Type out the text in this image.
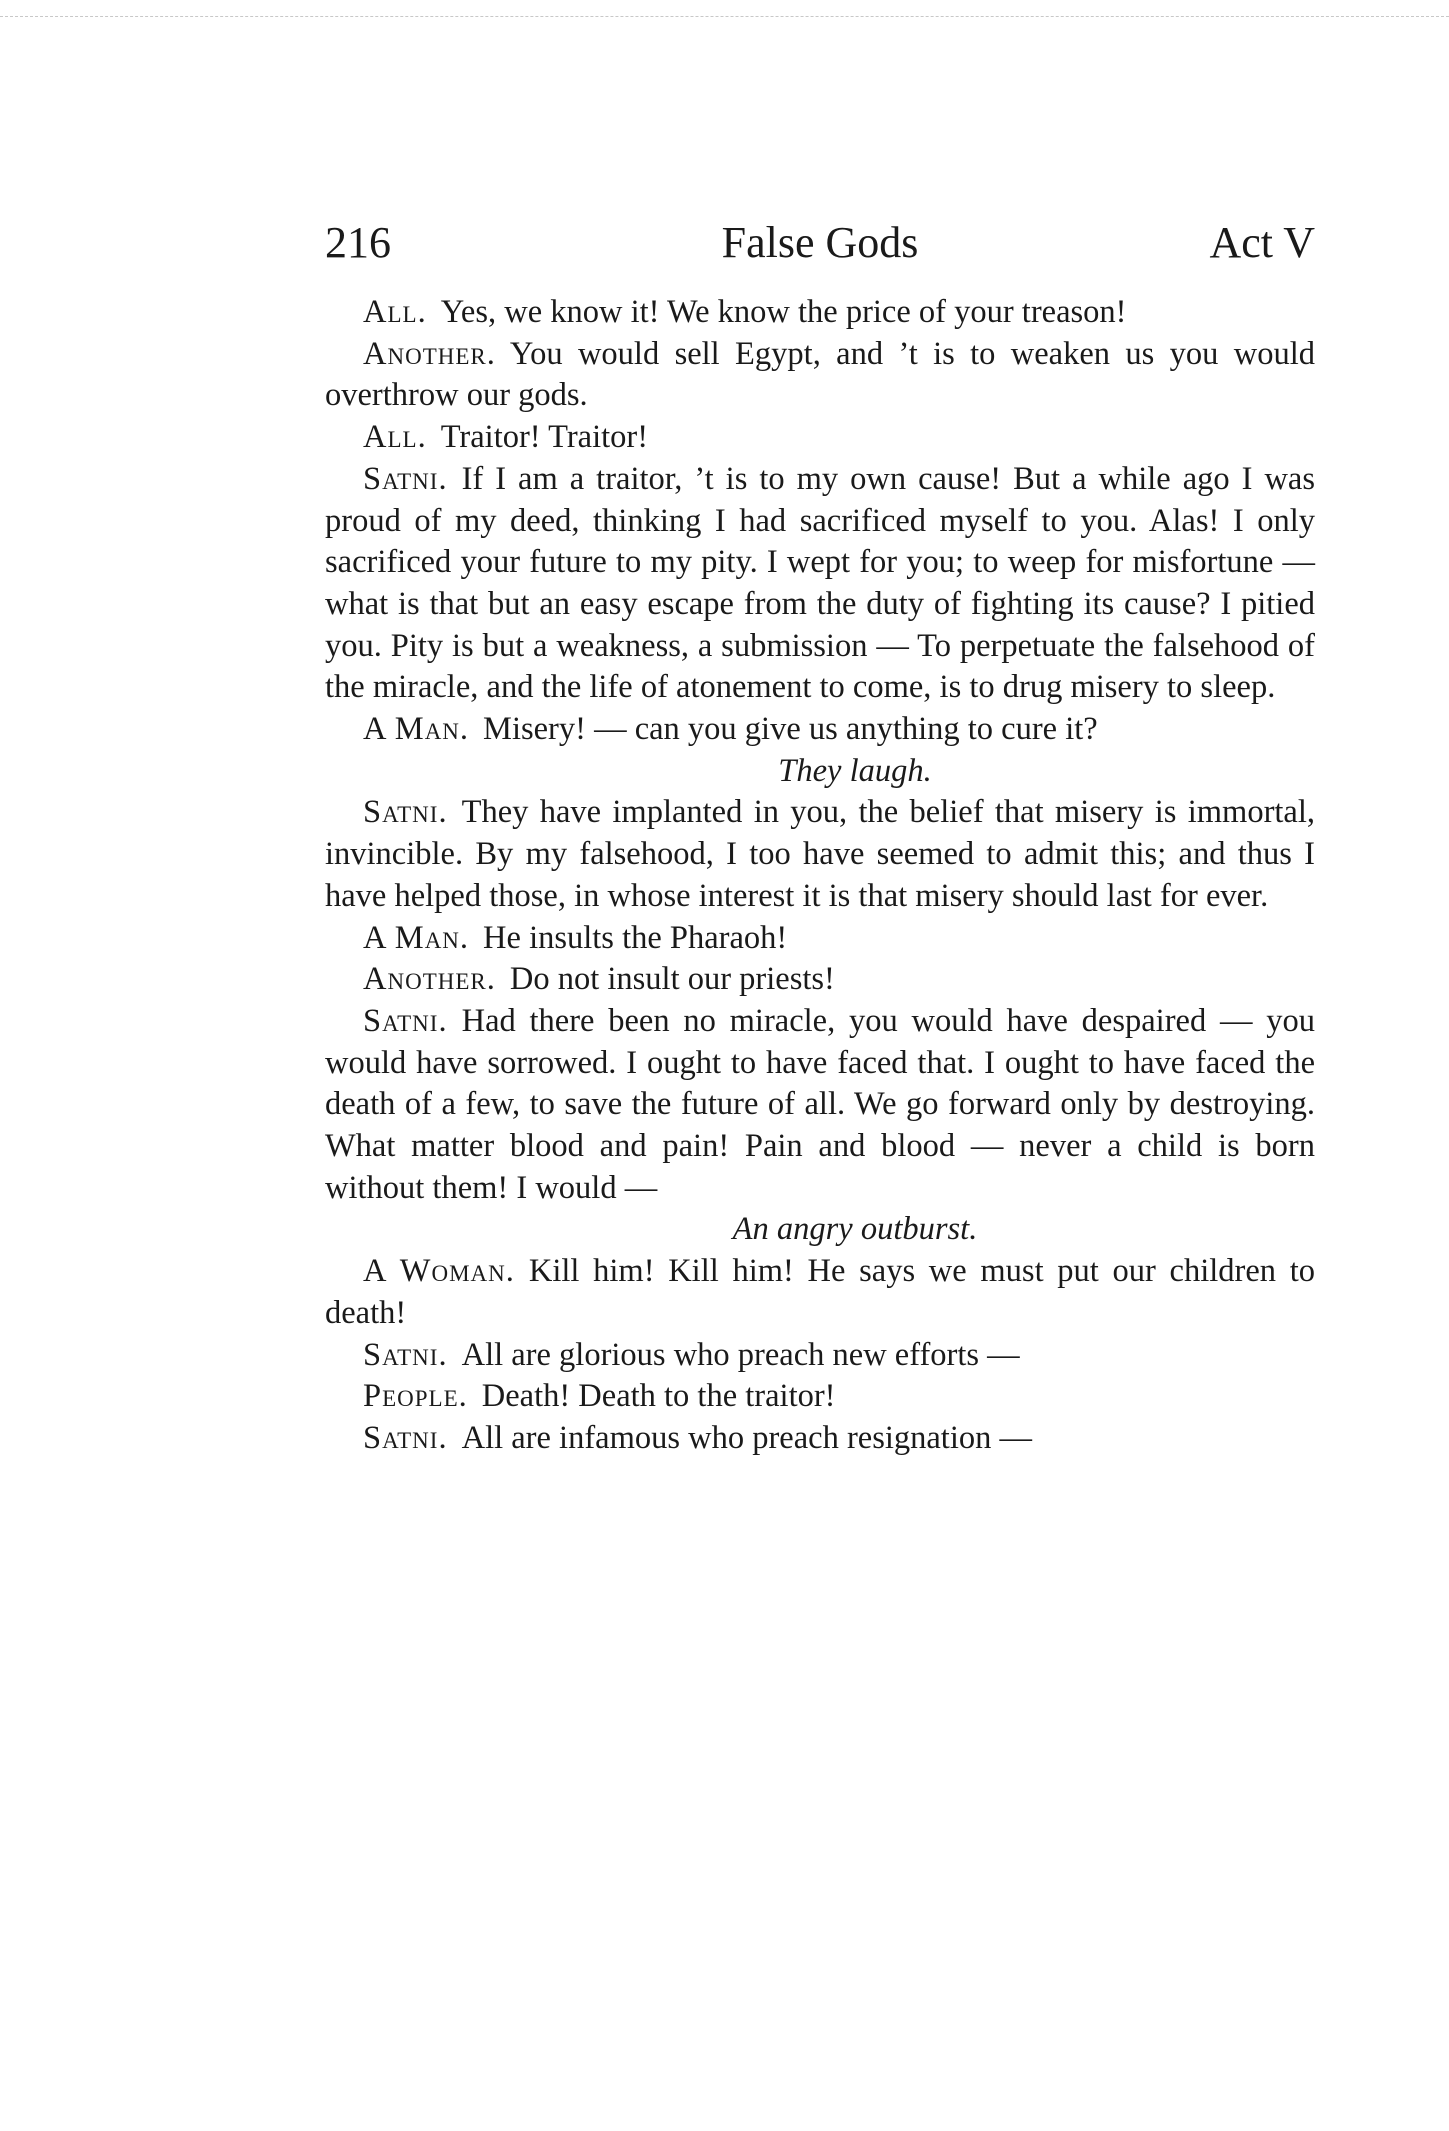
216	False Gods	Act V

All. Yes, we know it! We know the price of your treason!

Another. You would sell Egypt, and ’t is to weaken us you would overthrow our gods.

All. Traitor! Traitor!

Satni. If I am a traitor, ’t is to my own cause! But a while ago I was proud of my deed, thinking I had sacrificed myself to you. Alas! I only sacrificed your future to my pity. I wept for you; to weep for misfortune — what is that but an easy escape from the duty of fighting its cause? I pitied you. Pity is but a weakness, a submission — To perpetuate the falsehood of the miracle, and the life of atonement to come, is to drug misery to sleep.

A Man. Misery! — can you give us anything to cure it?

They laugh.

Satni. They have implanted in you, the belief that misery is immortal, invincible. By my falsehood, I too have seemed to admit this; and thus I have helped those, in whose interest it is that misery should last for ever.

A Man. He insults the Pharaoh!

Another. Do not insult our priests!

Satni. Had there been no miracle, you would have despaired — you would have sorrowed. I ought to have faced that. I ought to have faced the death of a few, to save the future of all. We go forward only by destroying. What matter blood and pain! Pain and blood — never a child is born without them! I would —

An angry outburst.

A Woman. Kill him! Kill him! He says we must put our children to death!

Satni. All are glorious who preach new efforts —

People. Death! Death to the traitor!

Satni. All are infamous who preach resignation —
